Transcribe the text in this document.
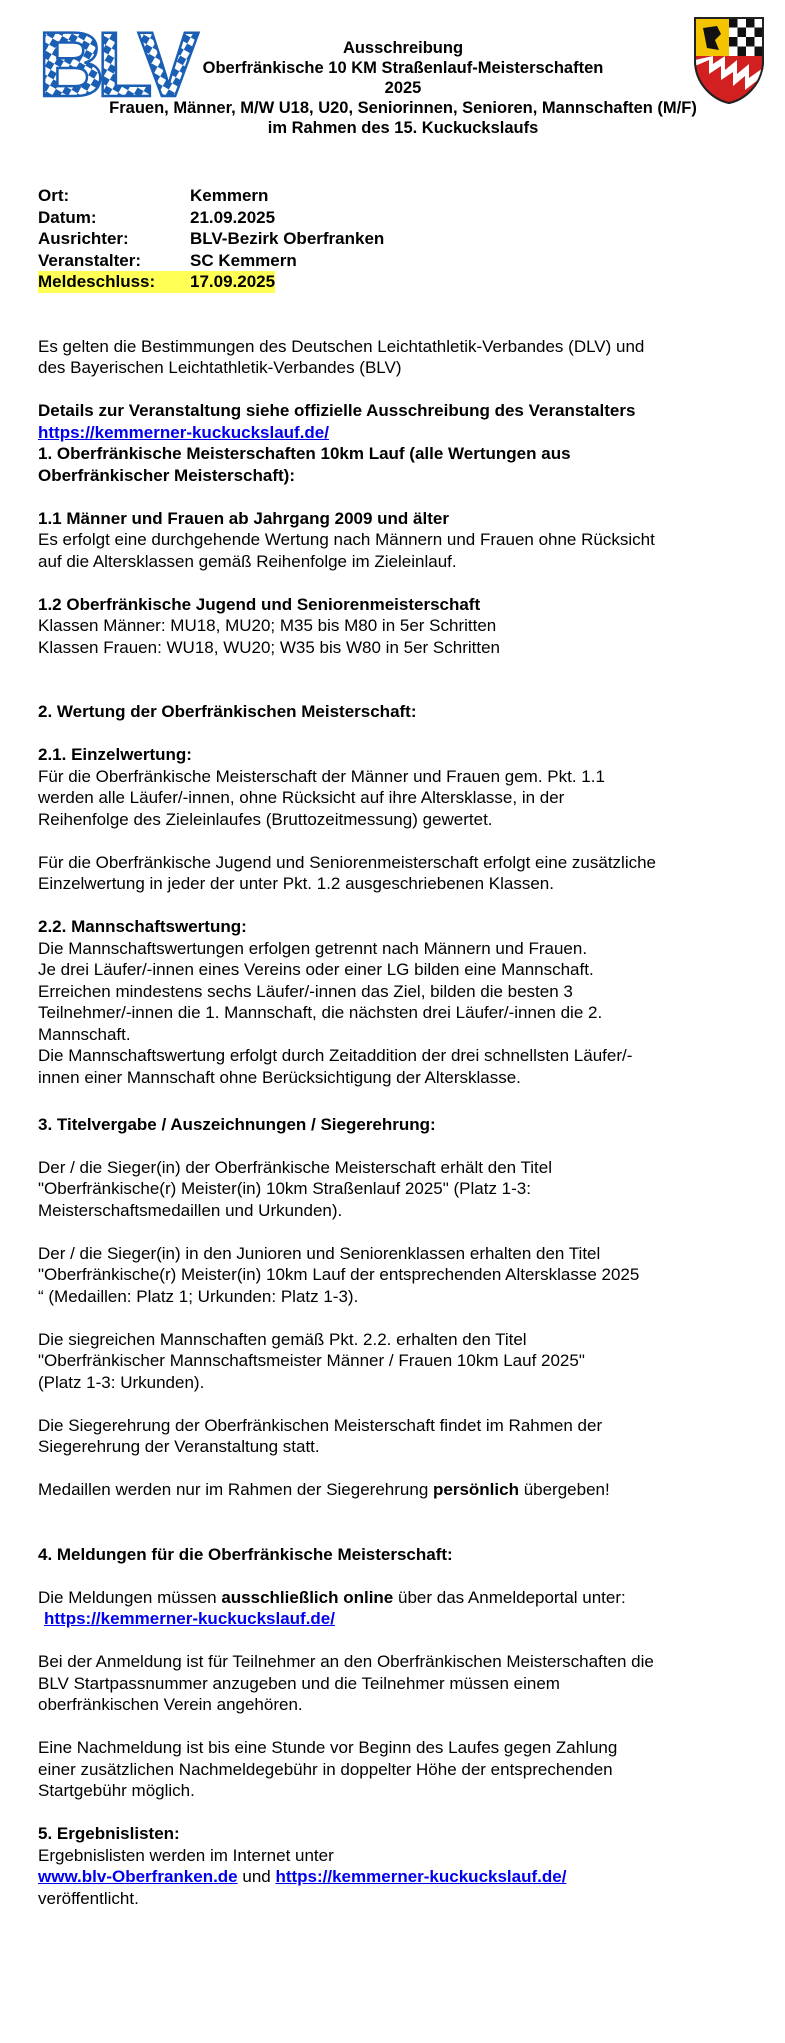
BLV	Ausschreibung
Oberfränkische 10 KM Straßenlauf-Meisterschaften
2025
Frauen, Männer, M/W U18, U20, Seniorinnen, Senioren, Mannschaften (M/F)
im Rahmen des 15. Kuckuckslaufs
Ort:	Kemmern
Datum:	21.09.2025
Ausrichter:	BLV-Bezirk Oberfranken
Veranstalter:	SC Kemmern
Meldeschluss: 17.09.2025

Es gelten die Bestimmungen des Deutschen Leichtathletik-Verbandes (DLV) und
des Bayerischen Leichtathletik-Verbandes (BLV)

Details zur Veranstaltung siehe offizielle Ausschreibung des Veranstalters

https://kemmerner-kuckuckslauf.de/

1. Oberfränkische Meisterschaften 10km Lauf (alle Wertungen aus
Oberfränkischer Meisterschaft):

1.1 Männer und Frauen ab Jahrgang 2009 und älter

Es erfolgt eine durchgehende Wertung nach Männern und Frauen ohne Rücksicht
auf die Altersklassen gemäß Reihenfolge im Zieleinlauf.

1.2 Oberfränkische Jugend und Seniorenmeisterschaft

Klassen Männer: MU18, MU20; M35 bis M80 in 5er Schritten
Klassen Frauen: WU18, WU20; W35 bis W80 in 5er Schritten

2. Wertung der Oberfränkischen Meisterschaft:

2.1. Einzelwertung:

Für die Oberfränkische Meisterschaft der Männer und Frauen gem. Pkt. 1.1
werden alle Läufer/-innen, ohne Rücksicht auf ihre Altersklasse, in der
Reihenfolge des Zieleinlaufes (Bruttozeitmessung) gewertet.

Für die Oberfränkische Jugend und Seniorenmeisterschaft erfolgt eine zusätzliche
Einzelwertung in jeder der unter Pkt. 1.2 ausgeschriebenen Klassen.

2.2. Mannschaftswertung:

Die Mannschaftswertungen erfolgen getrennt nach Männern und Frauen.
Je drei Läufer/-innen eines Vereins oder einer LG bilden eine Mannschaft.
Erreichen mindestens sechs Läufer/-innen das Ziel, bilden die besten 3
Teilnehmer/-innen die 1. Mannschaft, die nächsten drei Läufer/-innen die 2.
Mannschaft.
Die Mannschaftswertung erfolgt durch Zeitaddition der drei schnellsten Läufer/-
innen einer Mannschaft ohne Berücksichtigung der Altersklasse.

3. Titelvergabe / Auszeichnungen / Siegerehrung:

Der / die Sieger(in) der Oberfränkische Meisterschaft erhält den Titel
"Oberfränkische(r) Meister(in) 10km Straßenlauf 2025" (Platz 1-3:
Meisterschaftsmedaillen und Urkunden).

Der / die Sieger(in) in den Junioren und Seniorenklassen erhalten den Titel
"Oberfränkische(r) Meister(in) 10km Lauf der entsprechenden Altersklasse 2025
“ (Medaillen: Platz 1; Urkunden: Platz 1-3).

Die siegreichen Mannschaften gemäß Pkt. 2.2. erhalten den Titel
"Oberfränkischer Mannschaftsmeister Männer / Frauen 10km Lauf 2025"
(Platz 1-3: Urkunden).

Die Siegerehrung der Oberfränkischen Meisterschaft findet im Rahmen der
Siegerehrung der Veranstaltung statt.

Medaillen werden nur im Rahmen der Siegerehrung persönlich übergeben!

4. Meldungen für die Oberfränkische Meisterschaft:

Die Meldungen müssen ausschließlich online über das Anmeldeportal unter:

https://kemmerner-kuckuckslauf.de/

Bei der Anmeldung ist für Teilnehmer an den Oberfränkischen Meisterschaften die
BLV Startpassnummer anzugeben und die Teilnehmer müssen einem
oberfränkischen Verein angehören.

Eine Nachmeldung ist bis eine Stunde vor Beginn des Laufes gegen Zahlung
einer zusätzlichen Nachmeldegebühr in doppelter Höhe der entsprechenden
Startgebühr möglich.

5. Ergebnislisten:

Ergebnislisten werden im Internet unter

www.blv-Oberfranken.de und https://kemmerner-kuckuckslauf.de/

veröffentlicht.
